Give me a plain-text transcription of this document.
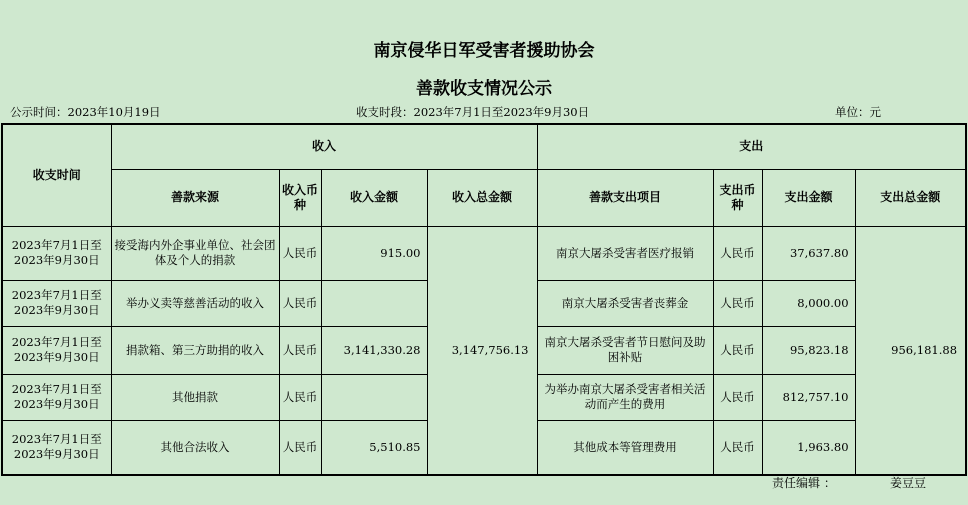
南京侵华日军受害者援助协会
善款收支情况公示
公示时间：2023年10月19日	收支时段：2023年7月1日至2023年9月30日	单位：元
收支时间	收入				支出			
	善款来源	收入币种	收入金额	收入总金额	善款支出项目	支出币种	支出金额	支出总金额
2023年7月1日至2023年9月30日	接受海内外企事业单位、社会团体及个人的捐款	人民币	915.00	3,147,756.13	南京大屠杀受害者医疗报销	人民币	37,637.80	956,181.88
2023年7月1日至2023年9月30日	举办义卖等慈善活动的收入	人民币			南京大屠杀受害者丧葬金	人民币	8,000.00	
2023年7月1日至2023年9月30日	捐款箱、第三方助捐的收入	人民币	3,141,330.28		南京大屠杀受害者节日慰问及助困补贴	人民币	95,823.18	
2023年7月1日至2023年9月30日	其他捐款	人民币			为举办南京大屠杀受害者相关活动而产生的费用	人民币	812,757.10	
2023年7月1日至2023年9月30日	其他合法收入	人民币	5,510.85		其他成本等管理费用	人民币	1,963.80	
责任编辑 ：	姜豆豆
